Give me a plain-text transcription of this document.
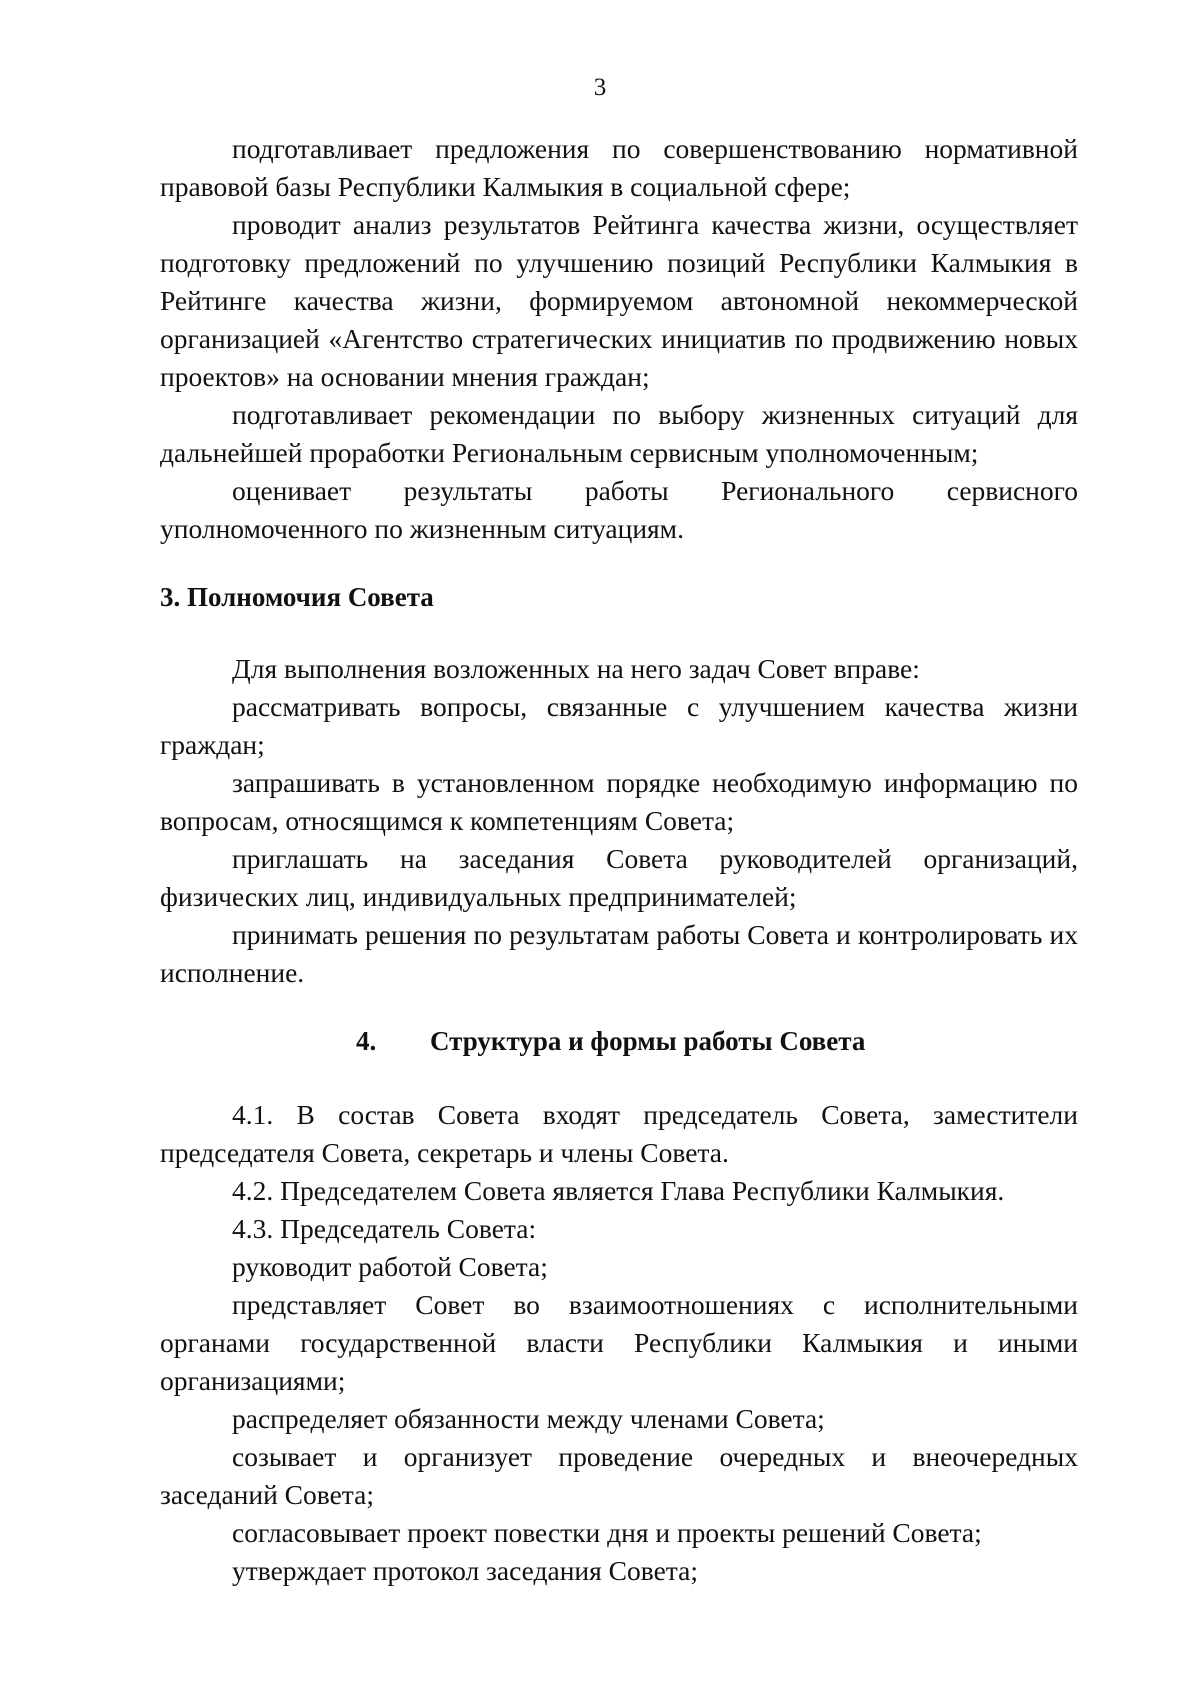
3

подготавливает предложения по совершенствованию нормативной правовой базы Республики Калмыкия в социальной сфере;

проводит анализ результатов Рейтинга качества жизни, осуществляет подготовку предложений по улучшению позиций Республики Калмыкия в Рейтинге качества жизни, формируемом автономной некоммерческой организацией «Агентство стратегических инициатив по продвижению новых проектов» на основании мнения граждан;

подготавливает рекомендации по выбору жизненных ситуаций для дальнейшей проработки Региональным сервисным уполномоченным;

оценивает результаты работы Регионального сервисного уполномоченного по жизненным ситуациям.

3. Полномочия Совета

Для выполнения возложенных на него задач Совет вправе:

рассматривать вопросы, связанные с улучшением качества жизни граждан;

запрашивать в установленном порядке необходимую информацию по вопросам, относящимся к компетенциям Совета;

приглашать на заседания Совета руководителей организаций, физических лиц, индивидуальных предпринимателей;

принимать решения по результатам работы Совета и контролировать их исполнение.

4. Структура и формы работы Совета

4.1. В состав Совета входят председатель Совета, заместители председателя Совета, секретарь и члены Совета.

4.2. Председателем Совета является Глава Республики Калмыкия.

4.3. Председатель Совета:

руководит работой Совета;

представляет Совет во взаимоотношениях с исполнительными органами государственной власти Республики Калмыкия и иными организациями;

распределяет обязанности между членами Совета;

созывает и организует проведение очередных и внеочередных заседаний Совета;

согласовывает проект повестки дня и проекты решений Совета;

утверждает протокол заседания Совета;
